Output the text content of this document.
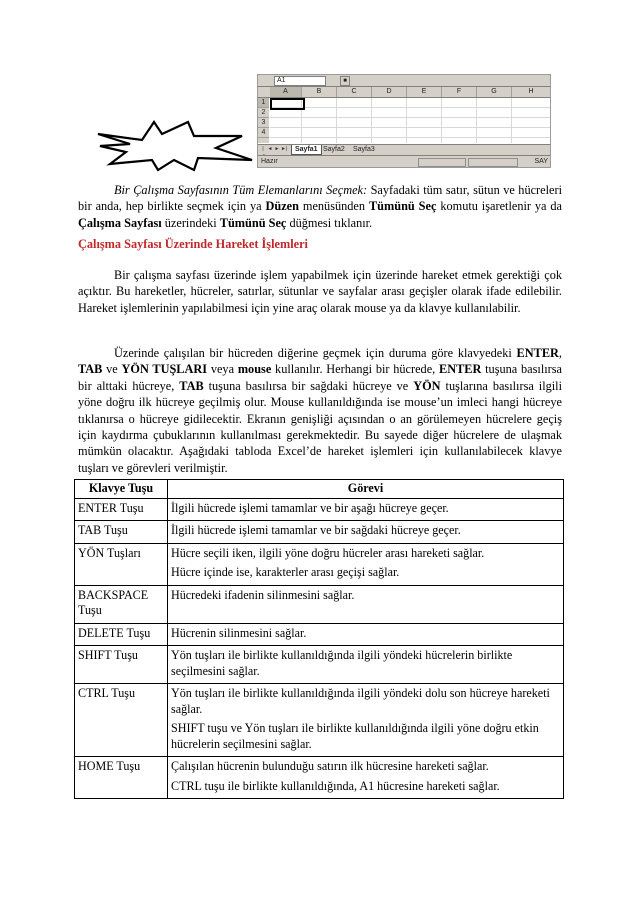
A1	■
A	B	C	D	E	F	G	H
1
2
3
4
| ◄ ► ►|	Sayfa1 Sayfa2	Sayfa3
Hazır	SAY
Bir Çalışma Sayfasının Tüm Elemanlarını Seçmek: Sayfadaki tüm satır, sütun ve hücreleri bir anda, hep birlikte seçmek için ya Düzen menüsünden Tümünü Seç komutu işaretlenir ya da Çalışma Sayfası üzerindeki Tümünü Seç düğmesi tıklanır.
Çalışma Sayfası Üzerinde Hareket İşlemleri
Bir çalışma sayfası üzerinde işlem yapabilmek için üzerinde hareket etmek gerektiği çok açıktır. Bu hareketler, hücreler, satırlar, sütunlar ve sayfalar arası geçişler olarak ifade edilebilir. Hareket işlemlerinin yapılabilmesi için yine araç olarak mouse ya da klavye kullanılabilir.
Üzerinde çalışılan bir hücreden diğerine geçmek için duruma göre klavyedeki ENTER, TAB ve YÖN TUŞLARI veya mouse kullanılır. Herhangi bir hücrede, ENTER tuşuna basılırsa bir alttaki hücreye, TAB tuşuna basılırsa bir sağdaki hücreye ve YÖN tuşlarına basılırsa ilgili yöne doğru ilk hücreye geçilmiş olur. Mouse kullanıldığında ise mouse’un imleci hangi hücreye tıklanırsa o hücreye gidilecektir. Ekranın genişliği açısından o an görülemeyen hücrelere geçiş için kaydırma çubuklarının kullanılması gerekmektedir. Bu sayede diğer hücrelere de ulaşmak mümkün olacaktır. Aşağıdaki tabloda Excel’de hareket işlemleri için kullanılabilecek klavye tuşları ve görevleri verilmiştir.
Klavye Tuşu	Görevi
ENTER Tuşu	İlgili hücrede işlemi tamamlar ve bir aşağı hücreye geçer.
TAB Tuşu	İlgili hücrede işlemi tamamlar ve bir sağdaki hücreye geçer.
YÖN Tuşları	Hücre seçili iken, ilgili yöne doğru hücreler arası hareketi sağlar.
Hücre içinde ise, karakterler arası geçişi sağlar.

BACKSPACE Tuşu	Hücredeki ifadenin silinmesini sağlar.
DELETE Tuşu	Hücrenin silinmesini sağlar.
SHIFT Tuşu	Yön tuşları ile birlikte kullanıldığında ilgili yöndeki hücrelerin birlikte seçilmesini sağlar.
CTRL Tuşu	Yön tuşları ile birlikte kullanıldığında ilgili yöndeki dolu son hücreye hareketi sağlar.
SHIFT tuşu ve Yön tuşları ile birlikte kullanıldığında ilgili yöne doğru etkin hücrelerin seçilmesini sağlar.

HOME Tuşu	Çalışılan hücrenin bulunduğu satırın ilk hücresine hareketi sağlar.
CTRL tuşu ile birlikte kullanıldığında, A1 hücresine hareketi sağlar.
